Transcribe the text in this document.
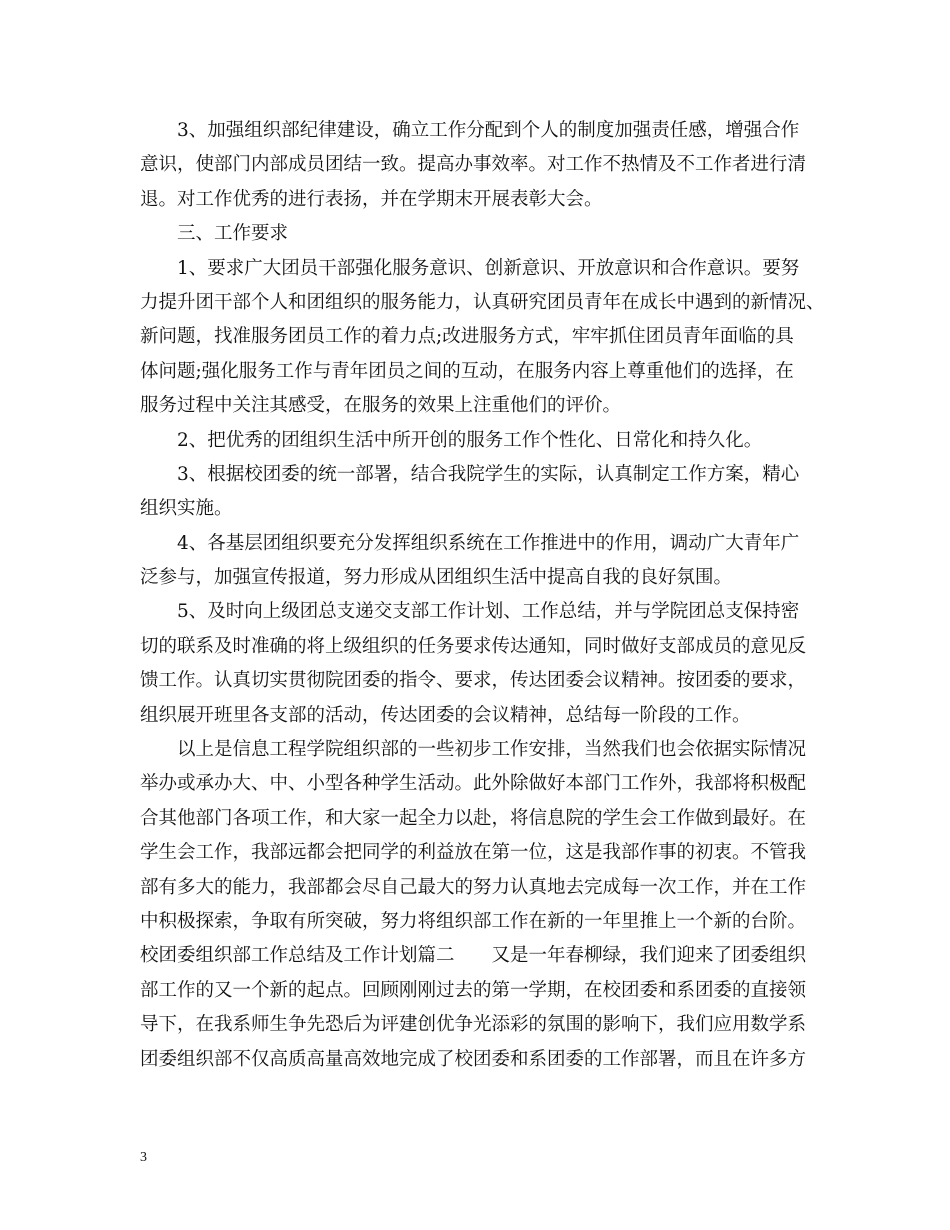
3、加强组织部纪律建设，确立工作分配到个人的制度加强责任感，增强合作
意识，使部门内部成员团结一致。提高办事效率。对工作不热情及不工作者进行清
退。对工作优秀的进行表扬，并在学期末开展表彰大会。
三、工作要求
1、要求广大团员干部强化服务意识、创新意识、开放意识和合作意识。要努
力提升团干部个人和团组织的服务能力，认真研究团员青年在成长中遇到的新情况、
新问题，找准服务团员工作的着力点;改进服务方式，牢牢抓住团员青年面临的具
体问题;强化服务工作与青年团员之间的互动，在服务内容上尊重他们的选择，在
服务过程中关注其感受，在服务的效果上注重他们的评价。
2、把优秀的团组织生活中所开创的服务工作个性化、日常化和持久化。
3、根据校团委的统一部署，结合我院学生的实际，认真制定工作方案，精心
组织实施。
4、各基层团组织要充分发挥组织系统在工作推进中的作用，调动广大青年广
泛参与，加强宣传报道，努力形成从团组织生活中提高自我的良好氛围。
5、及时向上级团总支递交支部工作计划、工作总结，并与学院团总支保持密
切的联系及时准确的将上级组织的任务要求传达通知，同时做好支部成员的意见反
馈工作。认真切实贯彻院团委的指令、要求，传达团委会议精神。按团委的要求，
组织展开班里各支部的活动，传达团委的会议精神，总结每一阶段的工作。
以上是信息工程学院组织部的一些初步工作安排，当然我们也会依据实际情况
举办或承办大、中、小型各种学生活动。此外除做好本部门工作外，我部将积极配
合其他部门各项工作，和大家一起全力以赴，将信息院的学生会工作做到最好。在
学生会工作，我部远都会把同学的利益放在第一位，这是我部作事的初衷。不管我
部有多大的能力，我部都会尽自己最大的努力认真地去完成每一次工作，并在工作
中积极探索，争取有所突破，努力将组织部工作在新的一年里推上一个新的台阶。
校团委组织部工作总结及工作计划篇二　　又是一年春柳绿，我们迎来了团委组织
部工作的又一个新的起点。回顾刚刚过去的第一学期，在校团委和系团委的直接领
导下，在我系师生争先恐后为评建创优争光添彩的氛围的影响下，我们应用数学系
团委组织部不仅高质高量高效地完成了校团委和系团委的工作部署，而且在许多方
3
